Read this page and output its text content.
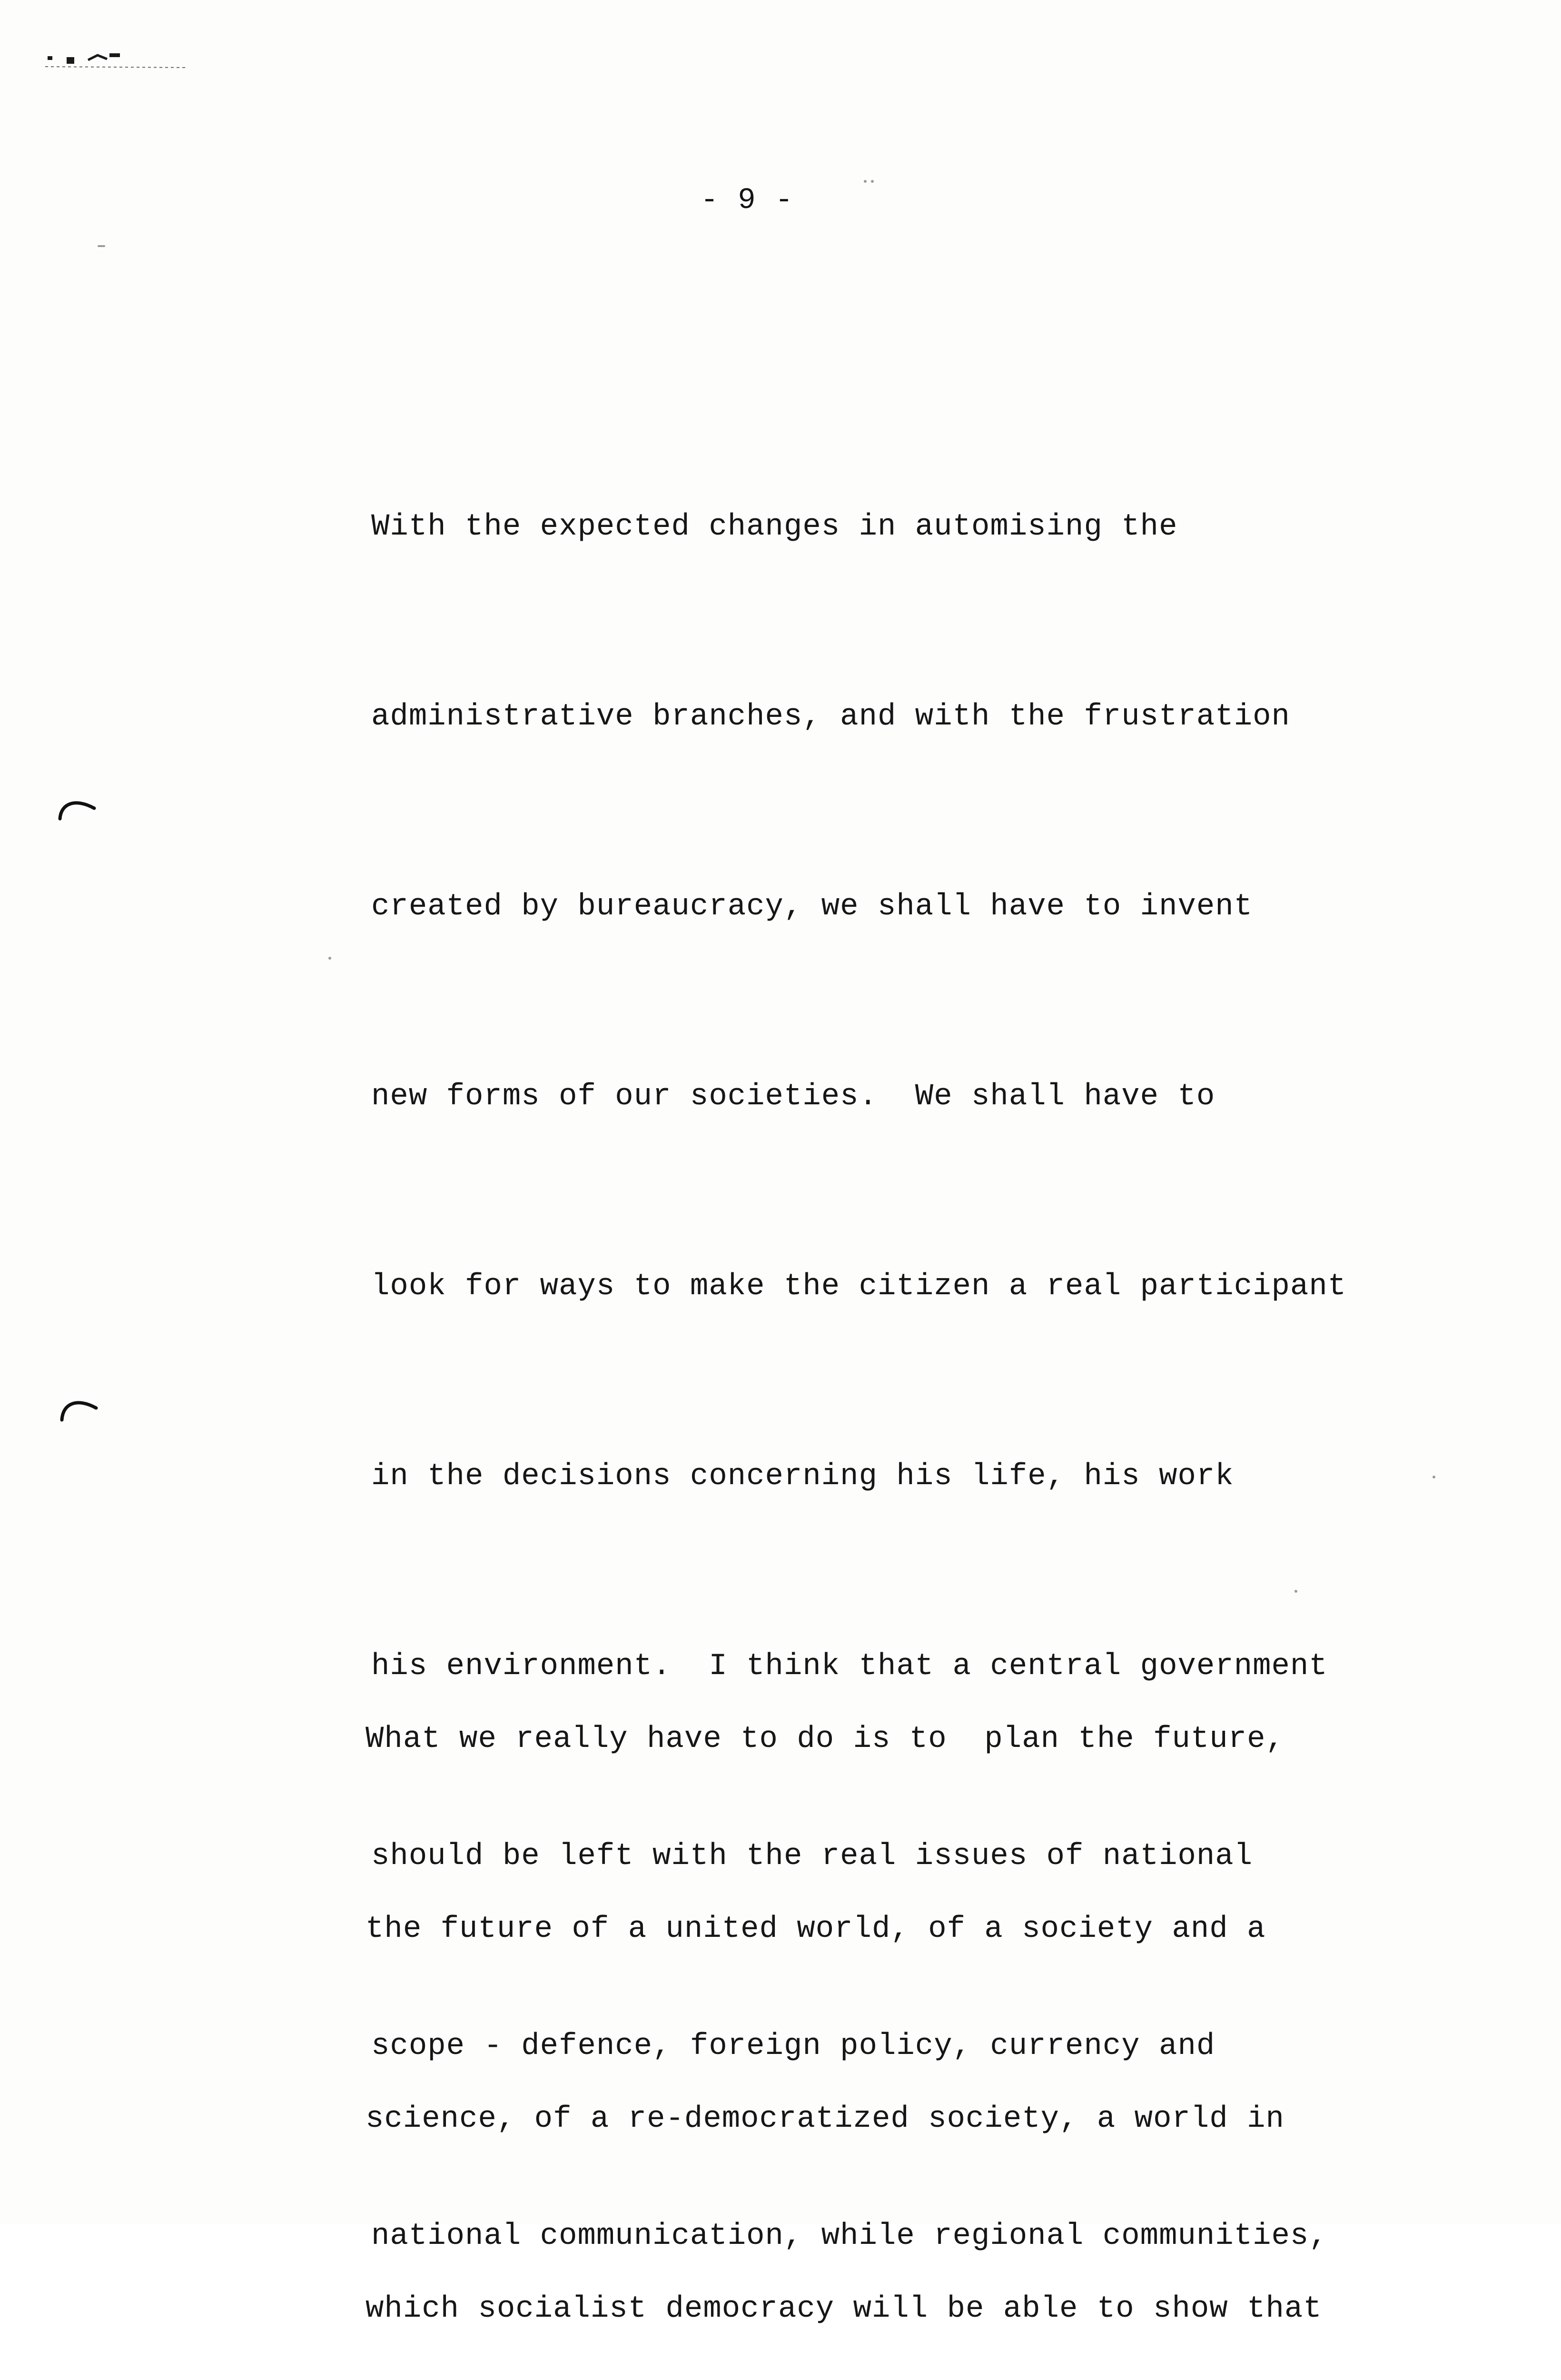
- 9 -

With the expected changes in automising the

administrative branches, and with the frustration

created by bureaucracy, we shall have to invent

new forms of our societies.  We shall have to

look for ways to make the citizen a real participant

in the decisions concerning his life, his work

his environment.  I think that a central government

should be left with the real issues of national

scope - defence, foreign policy, currency and

national communication, while regional communities,

What we really have to do is to  plan the future,

the future of a united world, of a society and a

science, of a re-democratized society, a world in

which socialist democracy will be able to show that
